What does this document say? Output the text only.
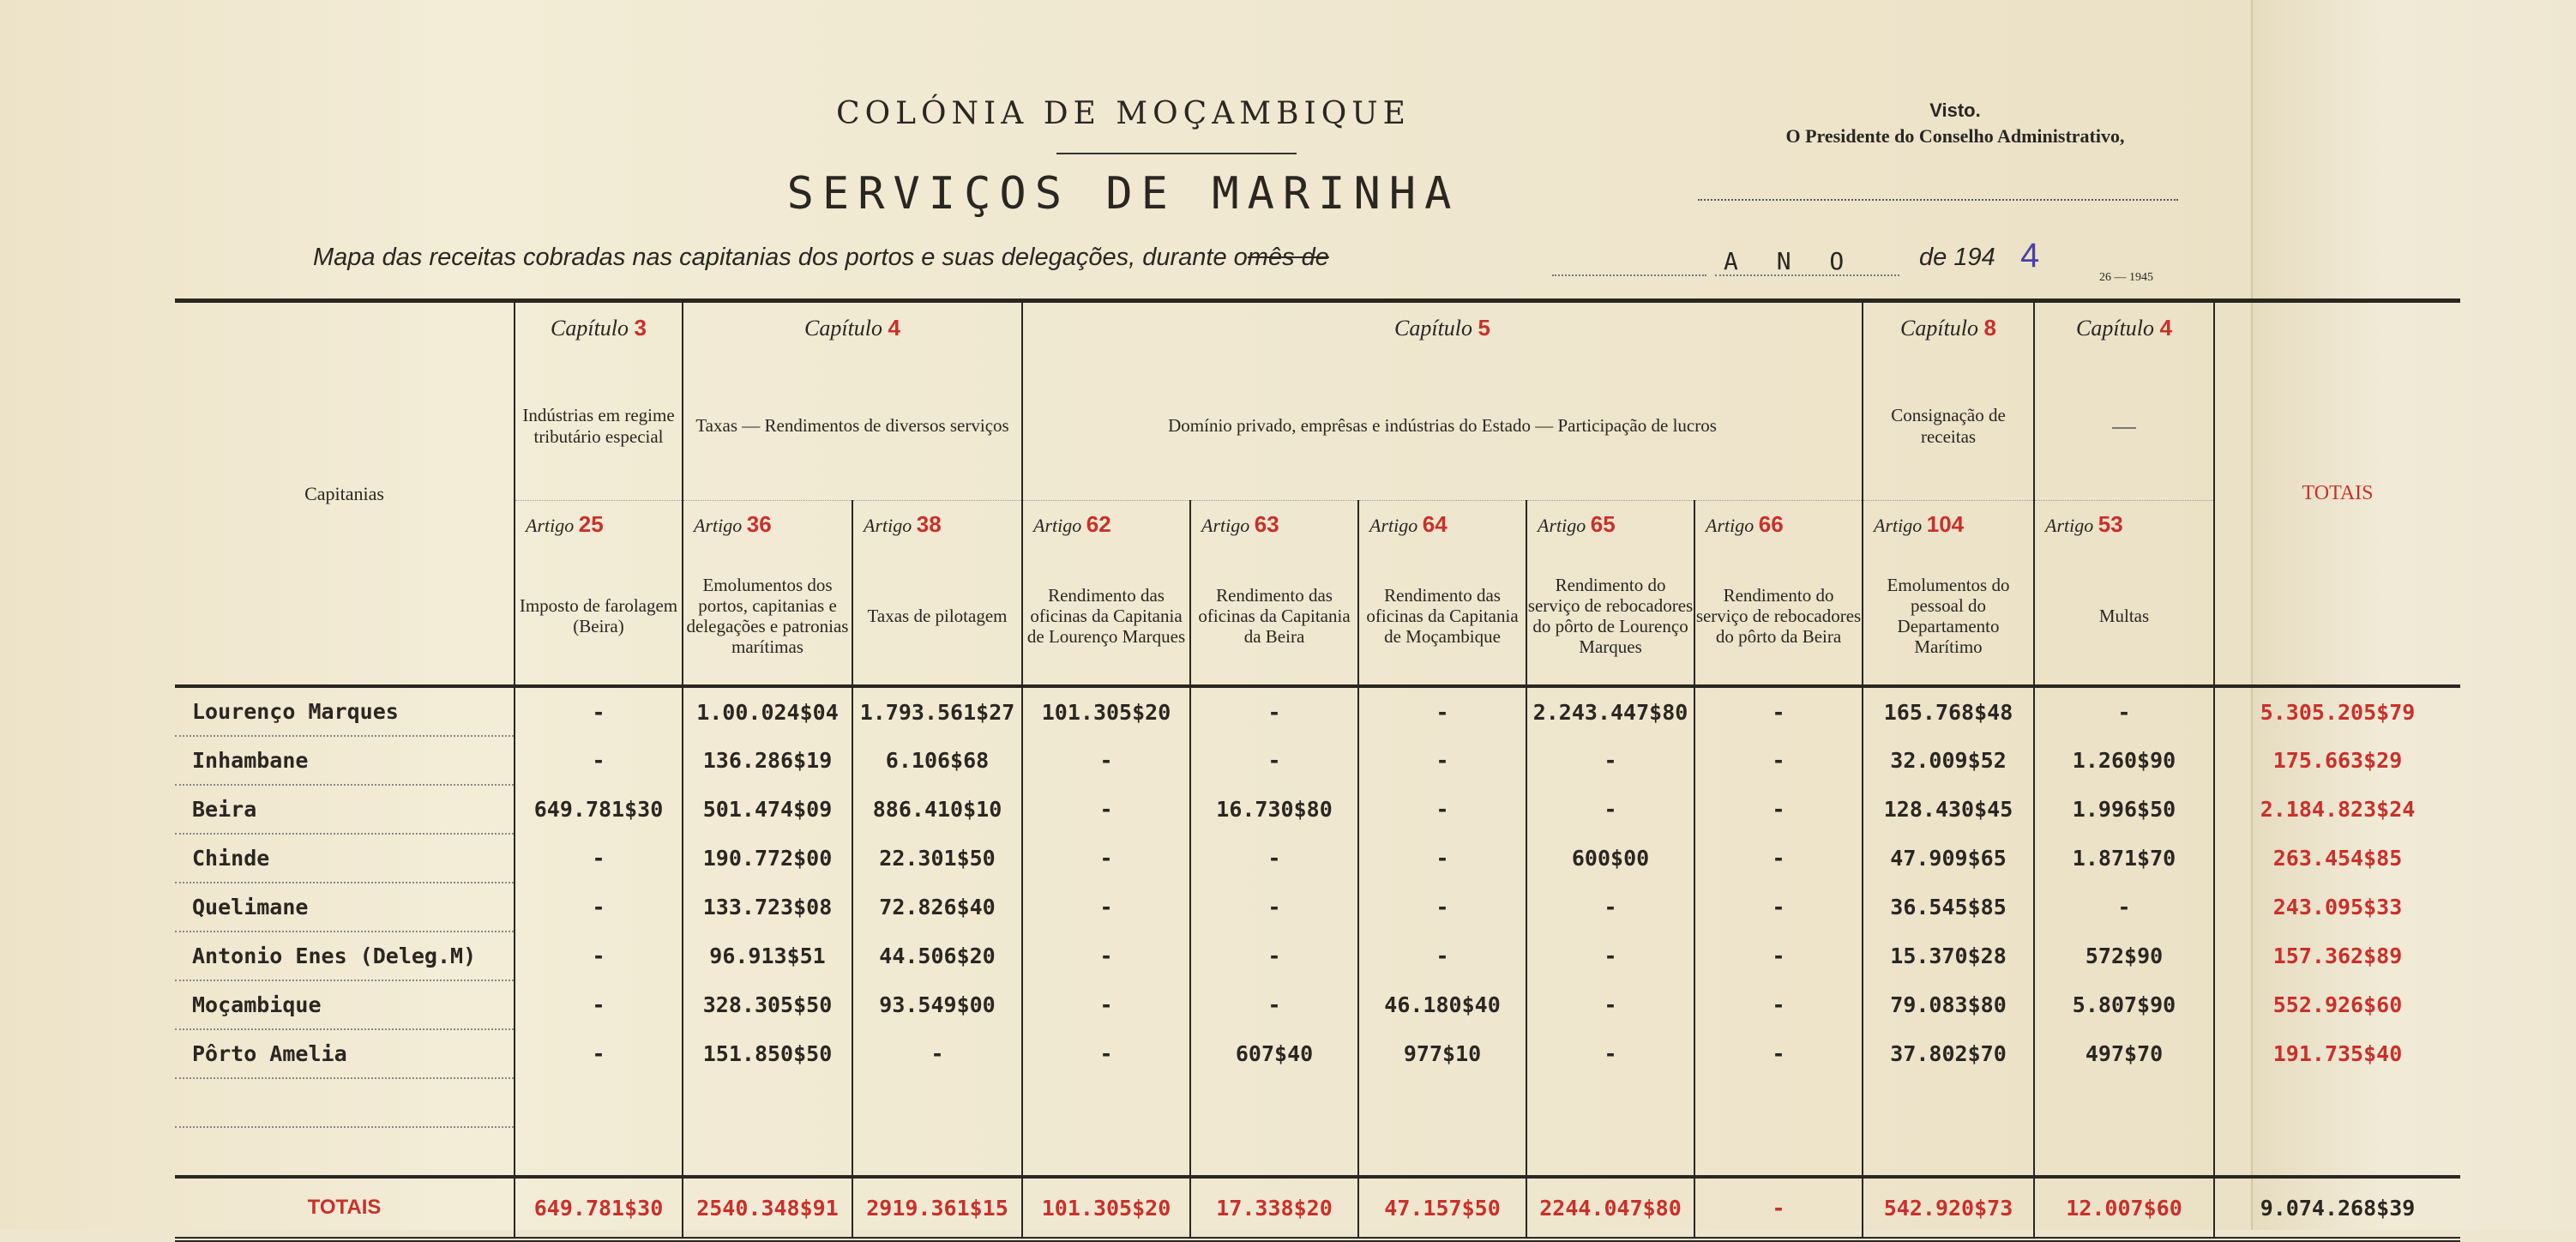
COLÓNIA DE MOÇAMBIQUE
SERVIÇOS DE MARINHA
Visto.
O Presidente do Conselho Administrativo,
Mapa das receitas cobradas nas capitanias dos portos e suas delegações, durante omês de	A N O	de 194 4
26 — 1945
Capitanias	Capítulo 3	Capítulo 4		Capítulo 5					Capítulo 8	Capítulo 4	TOTAIS
	Indústrias em regime tributário especial	Taxas — Rendimentos de diversos serviços		Domínio privado, emprêsas e indústrias do Estado — Participação de lucros					Consignação de receitas		
	Artigo 25	Artigo 36	Artigo 38	Artigo 62	Artigo 63	Artigo 64	Artigo 65	Artigo 66	Artigo 104	Artigo 53	
	Imposto de farolagem (Beira)	Emolumentos dos portos, capitanias e delegações e patronias marítimas	Taxas de pilotagem	Rendimento das oficinas da Capitania de Lourenço Marques	Rendimento das oficinas da Capitania da Beira	Rendimento das oficinas da Capitania de Moçambique	Rendimento do serviço de rebocadores do pôrto de Lourenço Marques	Rendimento do serviço de rebocadores do pôrto da Beira	Emolumentos do pessoal do Departamento Marítimo	Multas	
Lourenço Marques	-	1.00.024$04	1.793.561$27	101.305$20	-	-	2.243.447$80	-	165.768$48	-	5.305.205$79
Inhambane	-	136.286$19	6.106$68	-	-	-	-	-	32.009$52	1.260$90	175.663$29
Beira	649.781$30	501.474$09	886.410$10	-	16.730$80	-	-	-	128.430$45	1.996$50	2.184.823$24
Chinde	-	190.772$00	22.301$50	-	-	-	600$00	-	47.909$65	1.871$70	263.454$85
Quelimane	-	133.723$08	72.826$40	-	-	-	-	-	36.545$85	-	243.095$33
Antonio Enes (Deleg.M)	-	96.913$51	44.506$20	-	-	-	-	-	15.370$28	572$90	157.362$89
Moçambique	-	328.305$50	93.549$00	-	-	46.180$40	-	-	79.083$80	5.807$90	552.926$60
Pôrto Amelia	-	151.850$50	-	-	607$40	977$10	-	-	37.802$70	497$70	191.735$40

TOTAIS	649.781$30	2540.348$91	2919.361$15	101.305$20	17.338$20	47.157$50	2244.047$80	-	542.920$73	12.007$60	9.074.268$39
